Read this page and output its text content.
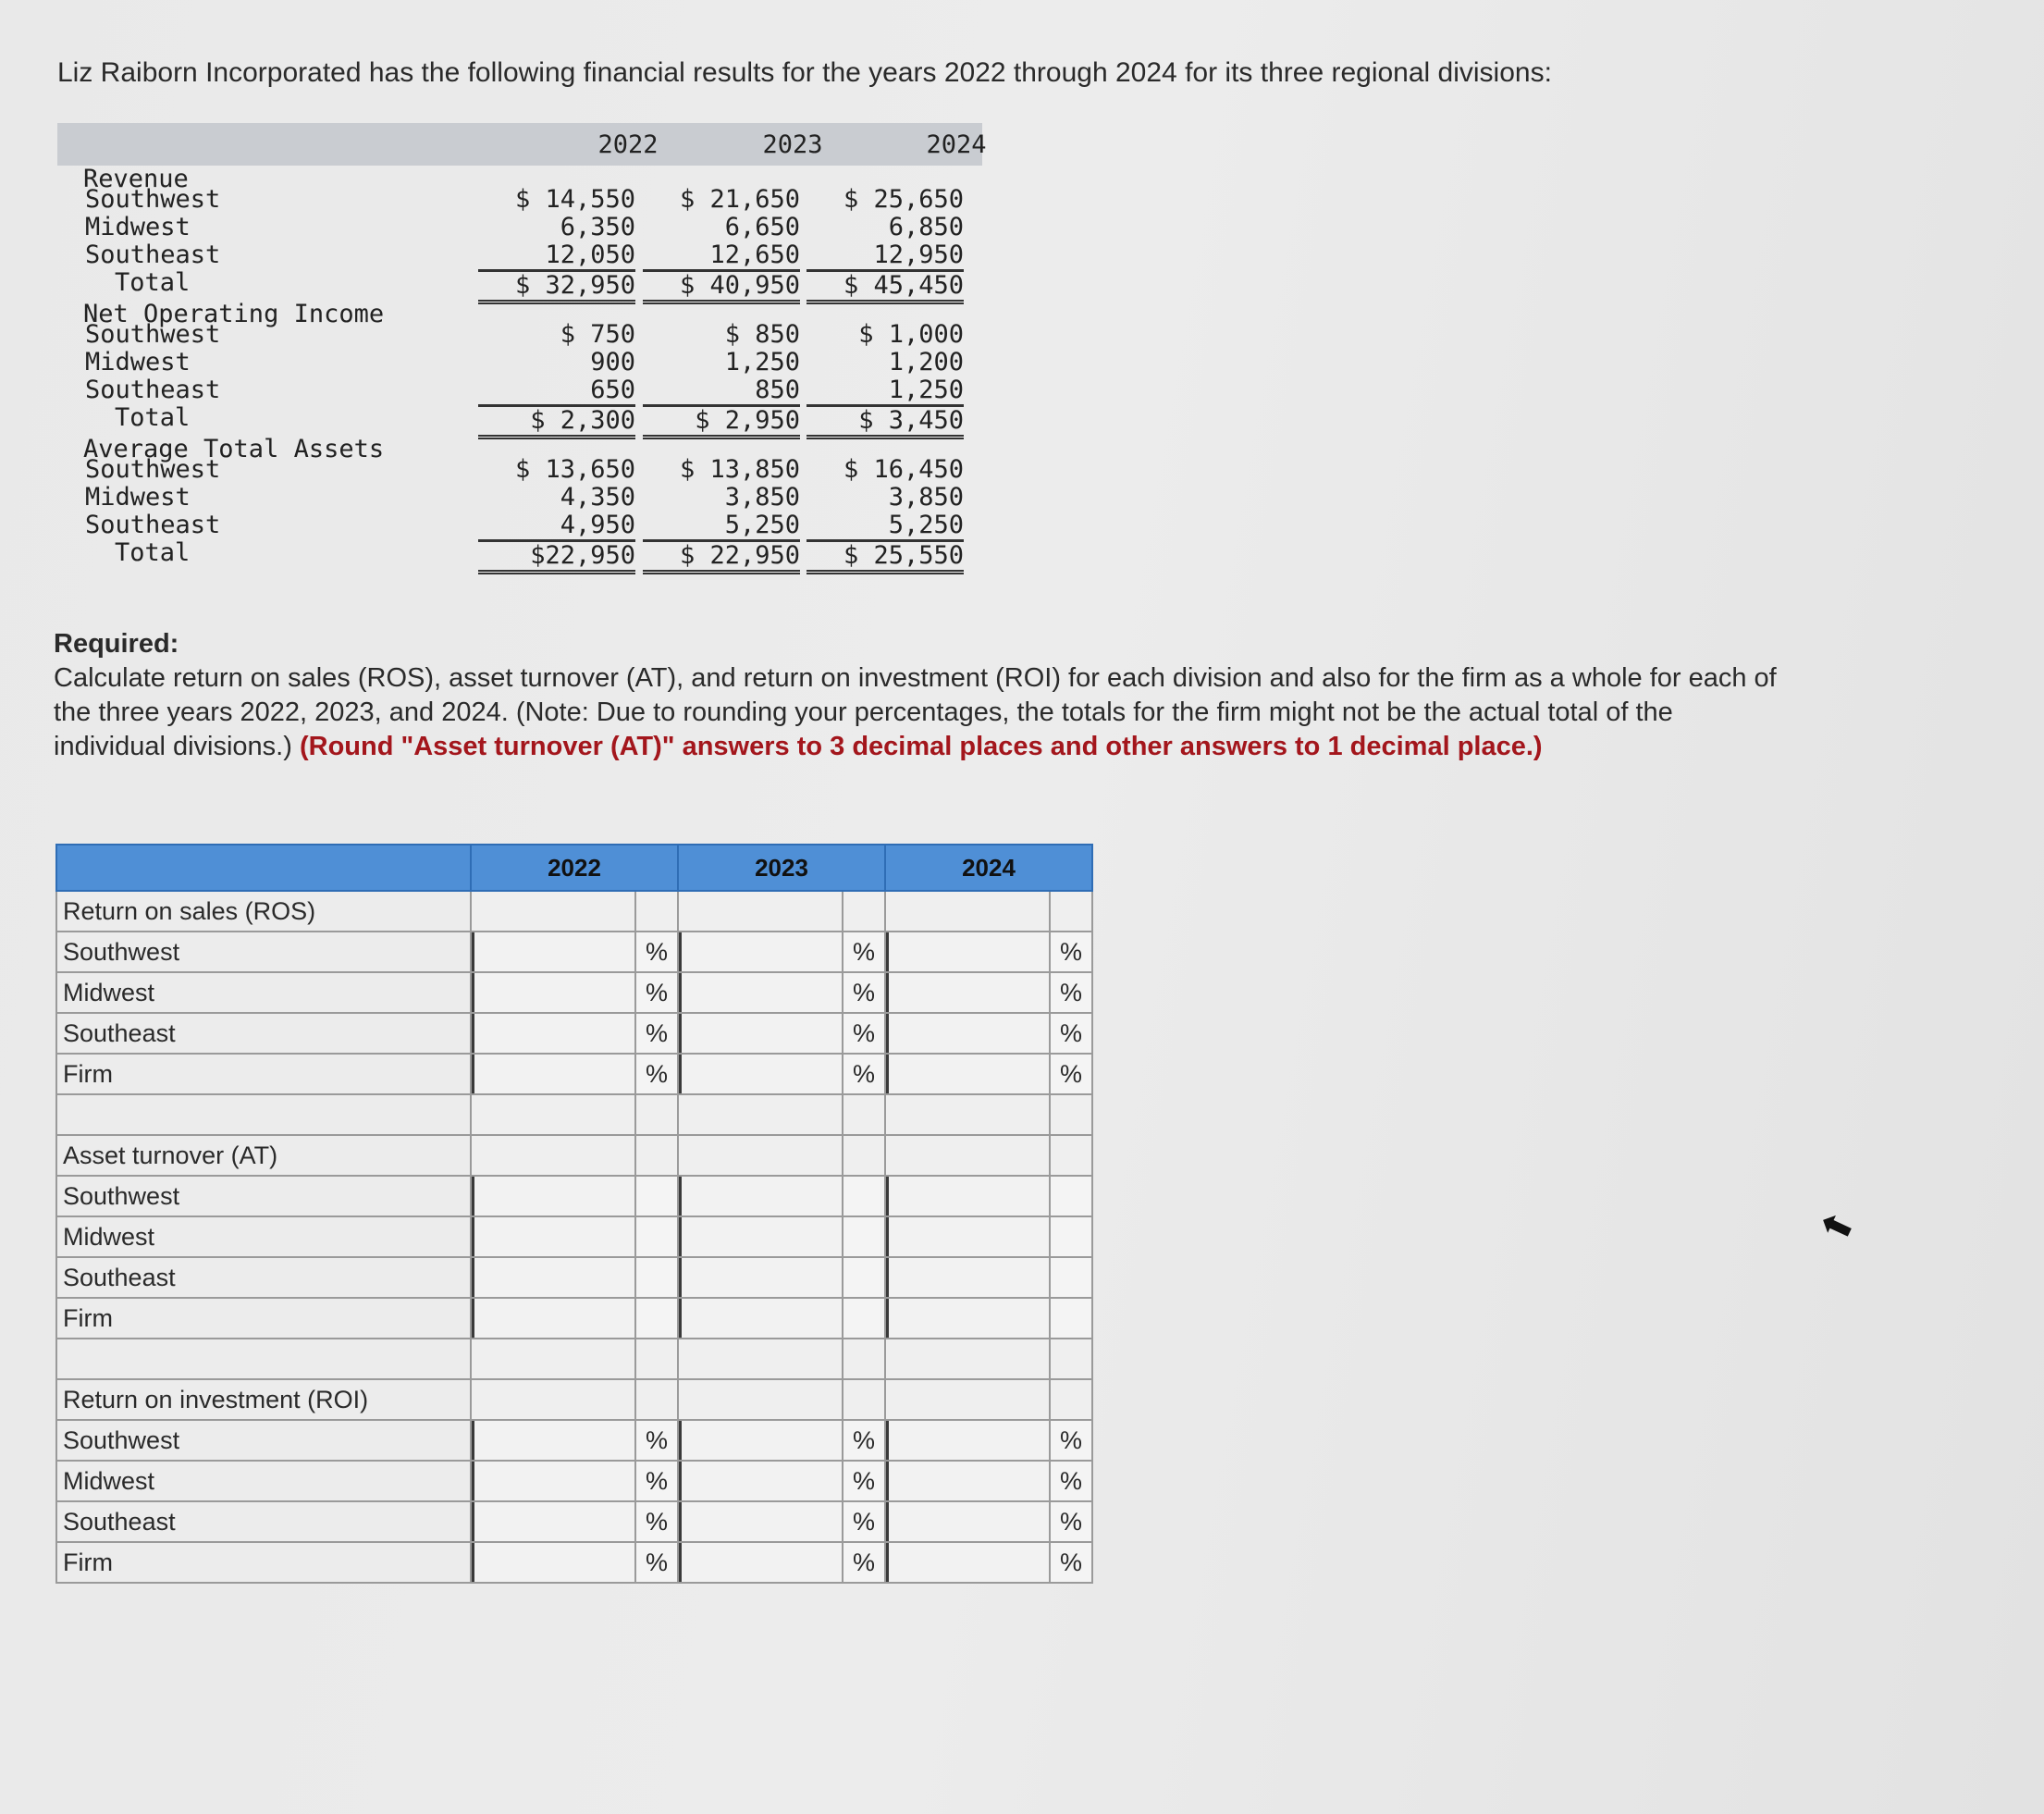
Liz Raiborn Incorporated has the following financial results for the years 2022 through 2024 for its three regional divisions:
2022	2023	2024
Revenue
Southwest	$ 14,550	$ 21,650	$ 25,650
Midwest	6,350	6,650	6,850
Southeast	12,050	12,650	12,950
Total	$ 32,950	$ 40,950	$ 45,450
Net Operating Income
Southwest	$ 750	$ 850	$ 1,000
Midwest	900	1,250	1,200
Southeast	650	850	1,250
Total	$ 2,300	$ 2,950	$ 3,450
Average Total Assets
Southwest	$ 13,650	$ 13,850	$ 16,450
Midwest	4,350	3,850	3,850
Southeast	4,950	5,250	5,250
Total	$22,950	$ 22,950	$ 25,550
Required:
Calculate return on sales (ROS), asset turnover (AT), and return on investment (ROI) for each division and also for the firm as a whole for each of the three years 2022, 2023, and 2024. (Note: Due to rounding your percentages, the totals for the firm might not be the actual total of the individual divisions.) (Round "Asset turnover (AT)" answers to 3 decimal places and other answers to 1 decimal place.)
	2022		2023		2024	
Return on sales (ROS)						
Southwest		%		%		%
Midwest		%		%		%
Southeast		%		%		%
Firm		%		%		%

Asset turnover (AT)						
Southwest						
Midwest						
Southeast						
Firm						

Return on investment (ROI)						
Southwest		%		%		%
Midwest		%		%		%
Southeast		%		%		%
Firm		%		%		%
⬉
